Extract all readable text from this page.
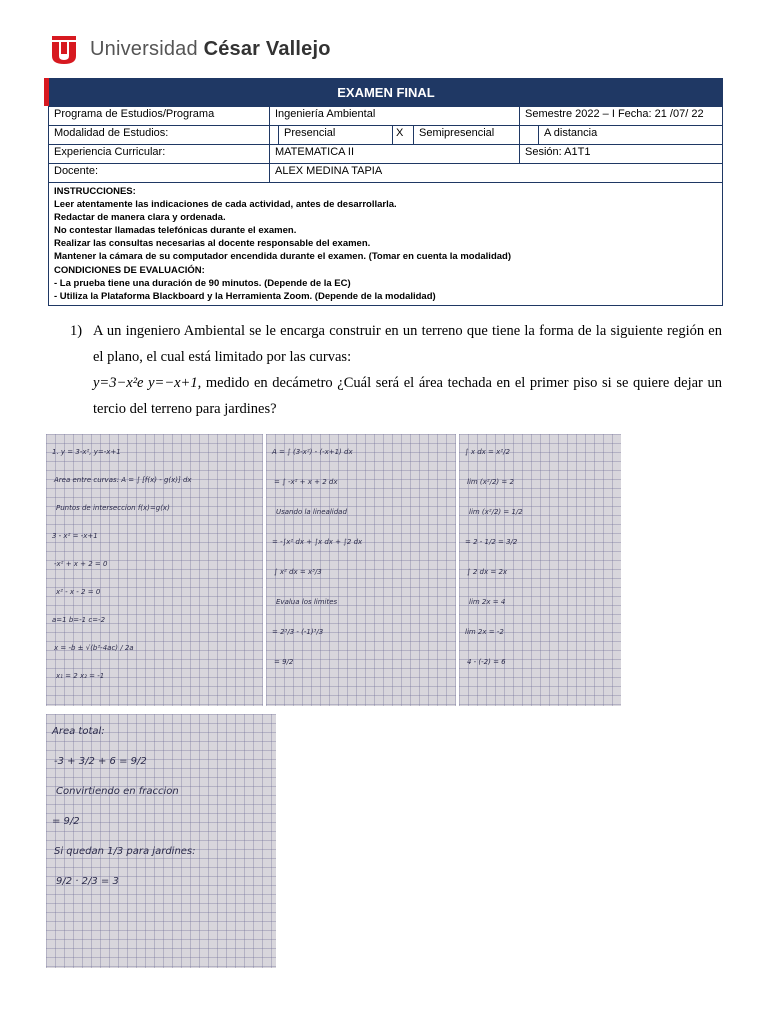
Universidad César Vallejo
EXAMEN FINAL
Programa de Estudios/Programa	Ingeniería Ambiental				Semestre 2022 – I Fecha: 21 /07/ 22	
Modalidad de Estudios:		Presencial	X	Semipresencial		A distancia
Experiencia Curricular:	MATEMATICA II				Sesión: A1T1	
Docente:	ALEX MEDINA TAPIA					
INSTRUCCIONES:
Leer atentamente las indicaciones de cada actividad, antes de desarrollarla.
Redactar de manera clara y ordenada.
No contestar llamadas telefónicas durante el examen.
Realizar las consultas necesarias al docente responsable del examen.
Mantener la cámara de su computador encendida durante el examen. (Tomar en cuenta la modalidad)
CONDICIONES DE EVALUACIÓN:
- La prueba tiene una duración de 90 minutos. (Depende de la EC)
- Utiliza la Plataforma Blackboard y la Herramienta Zoom. (Depende de la modalidad)
1) A un ingeniero Ambiental se le encarga construir en un terreno que tiene la forma de la siguiente región en el plano, el cual está limitado por las curvas:
y=3−x²e y=−x+1, medido en decámetro ¿Cuál será el área techada en el primer piso si se quiere dejar un tercio del terreno para jardines?
1. y = 3-x², y=-x+1
Area entre curvas: A = ∫ [f(x) - g(x)] dx
Puntos de interseccion f(x)=g(x)
3 - x² = -x+1
-x² + x + 2 = 0
x² - x - 2 = 0
a=1 b=-1 c=-2
x = -b ± √(b²-4ac) / 2a
x₁ = 2 x₂ = -1
A = ∫ (3-x²) - (-x+1) dx
= ∫ -x² + x + 2 dx
Usando la linealidad
= -∫x² dx + ∫x dx + ∫2 dx
∫ x² dx = x³/3
Evalua los limites
= 2³/3 - (-1)³/3
= 9/2
∫ x dx = x²/2
lim (x²/2) = 2
lim (x²/2) = 1/2
= 2 - 1/2 = 3/2
∫ 2 dx = 2x
lim 2x = 4
lim 2x = -2
4 - (-2) = 6
Area total:
-3 + 3/2 + 6 = 9/2
Convirtiendo en fraccion
= 9/2
Si quedan 1/3 para jardines:
9/2 · 2/3 = 3
